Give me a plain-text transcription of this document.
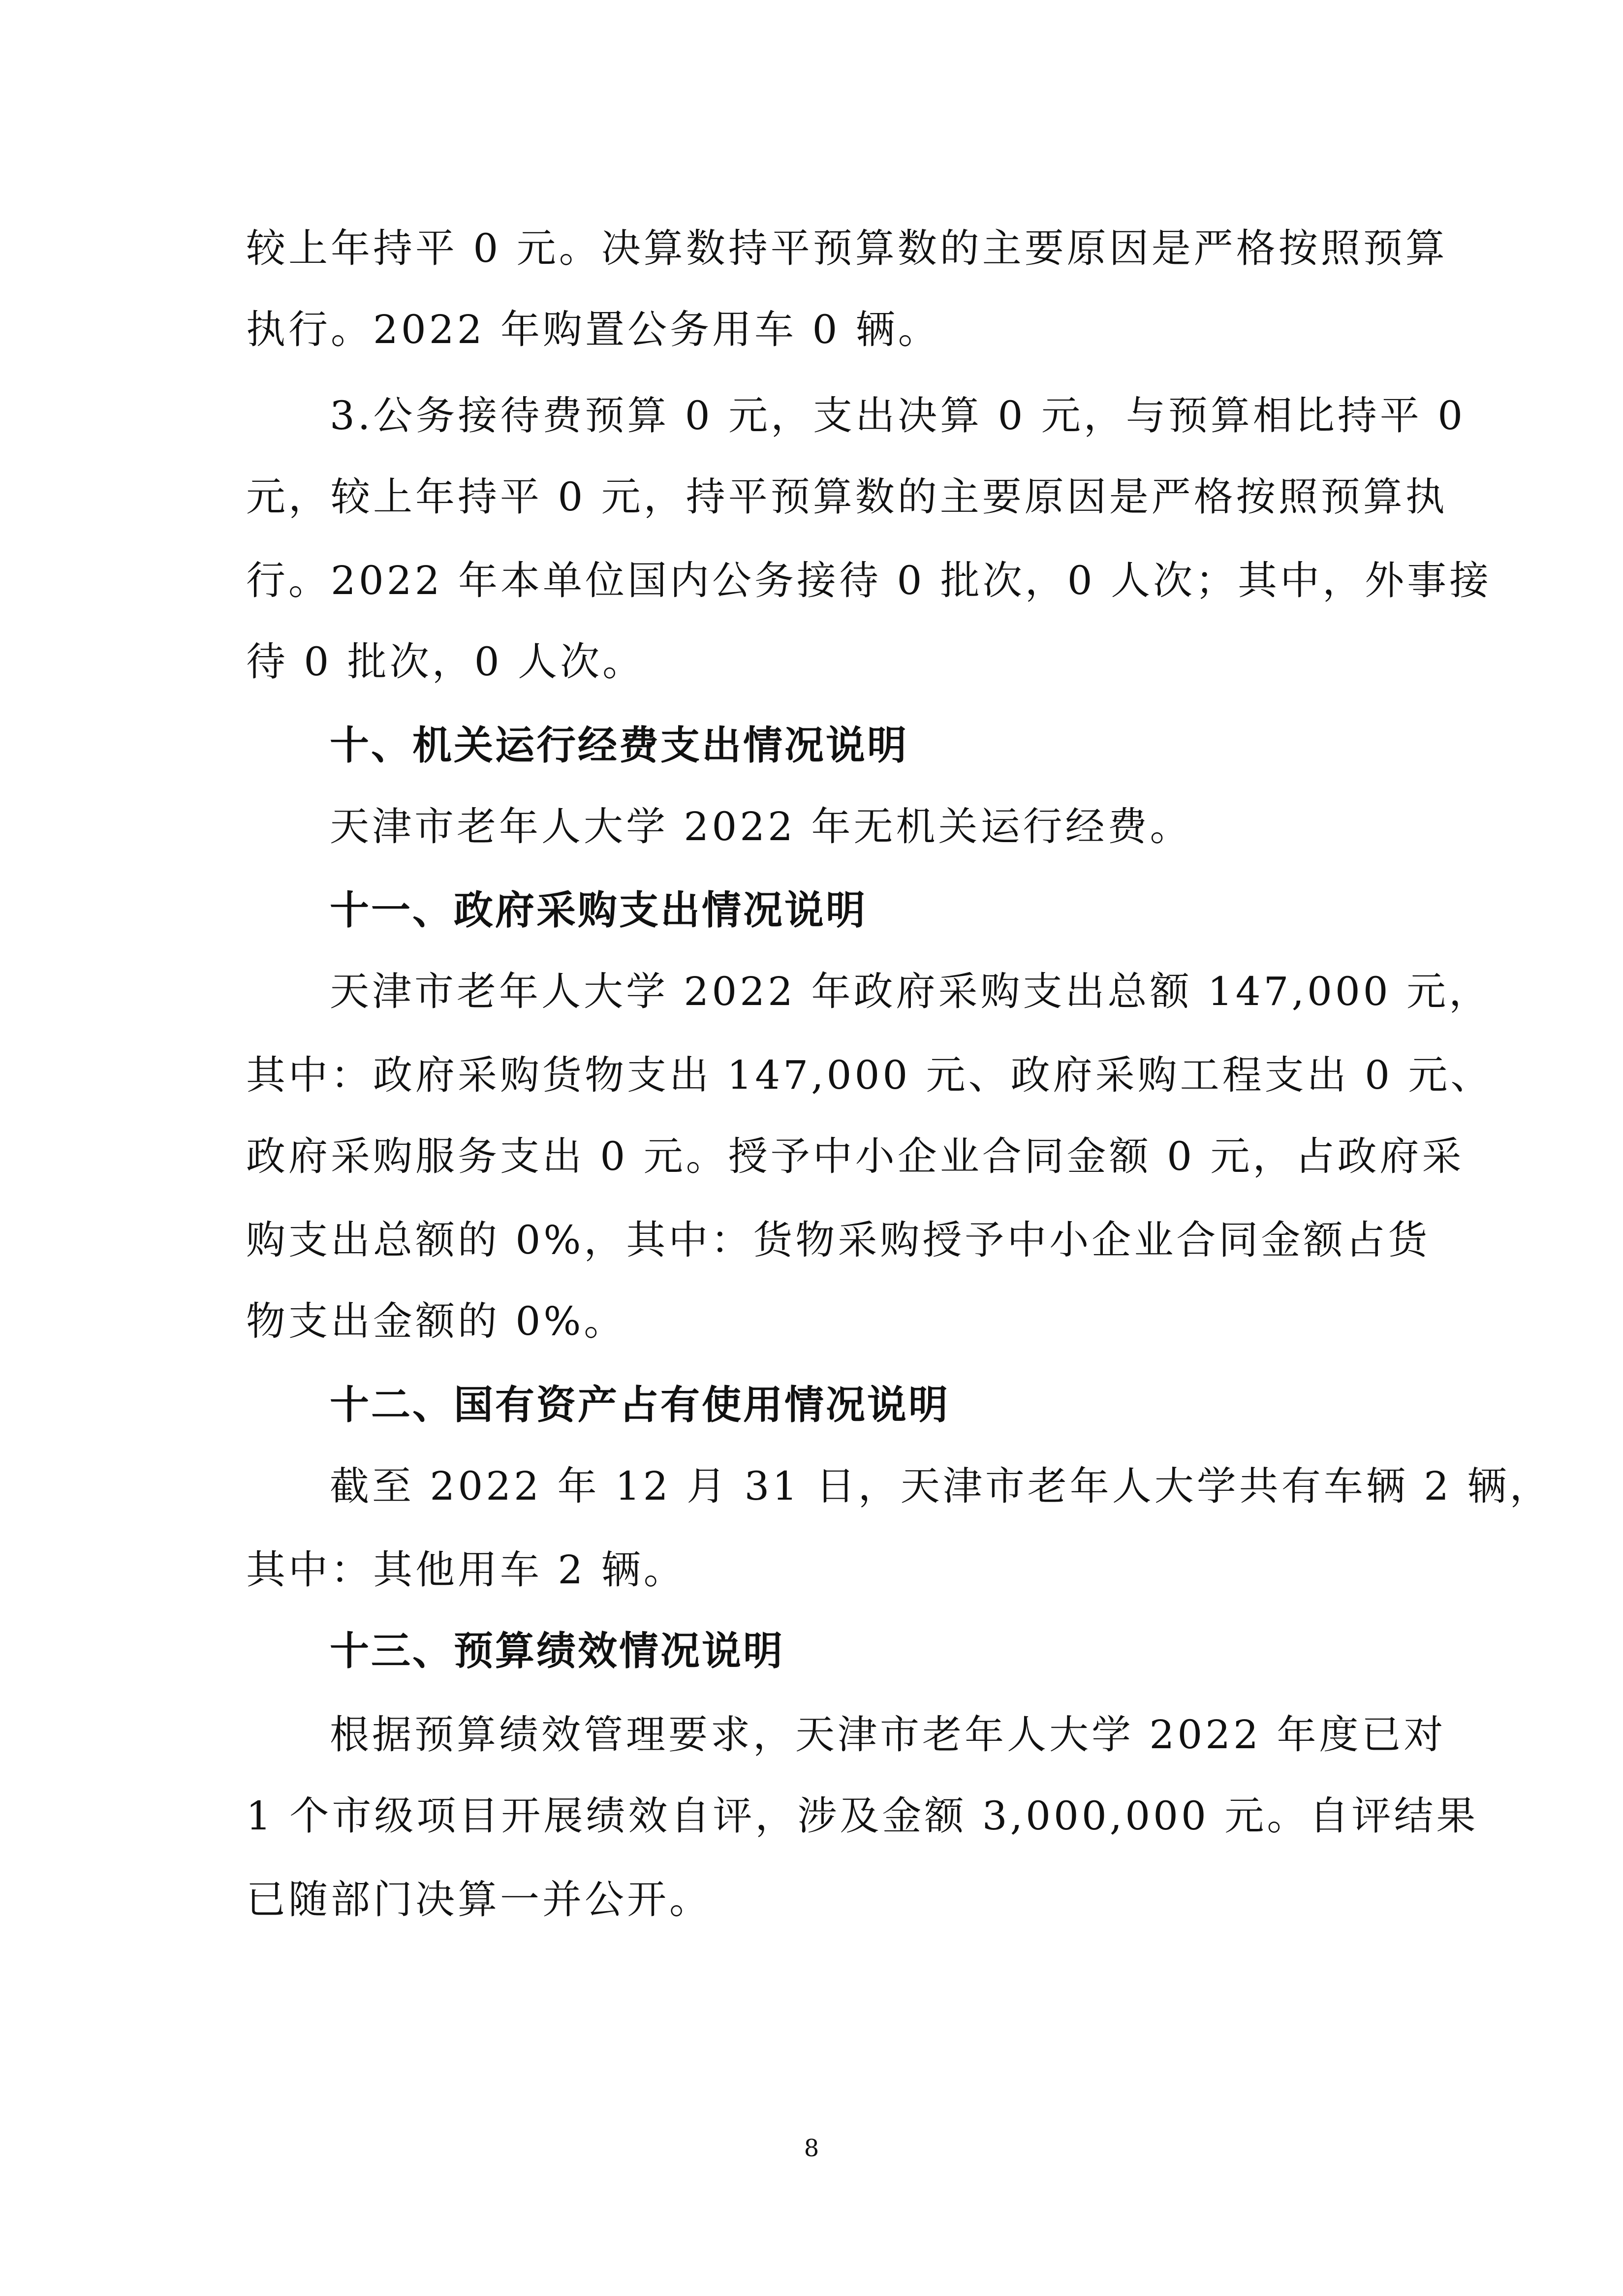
较上年持平 0 元。决算数持平预算数的主要原因是严格按照预算
执行。2022 年购置公务用车 0 辆。
3.公务接待费预算 0 元，支出决算 0 元，与预算相比持平 0
元，较上年持平 0 元，持平预算数的主要原因是严格按照预算执
行。2022 年本单位国内公务接待 0 批次，0 人次；其中，外事接
待 0 批次，0 人次。
十、机关运行经费支出情况说明
天津市老年人大学 2022 年无机关运行经费。
十一、政府采购支出情况说明
天津市老年人大学 2022 年政府采购支出总额 147,000 元，
其中：政府采购货物支出 147,000 元、政府采购工程支出 0 元、
政府采购服务支出 0 元。授予中小企业合同金额 0 元，占政府采
购支出总额的 0%，其中：货物采购授予中小企业合同金额占货
物支出金额的 0%。
十二、国有资产占有使用情况说明
截至 2022 年 12 月 31 日，天津市老年人大学共有车辆 2 辆，
其中：其他用车 2 辆。
十三、预算绩效情况说明
根据预算绩效管理要求，天津市老年人大学 2022 年度已对
1 个市级项目开展绩效自评，涉及金额 3,000,000 元。自评结果
已随部门决算一并公开。
8
